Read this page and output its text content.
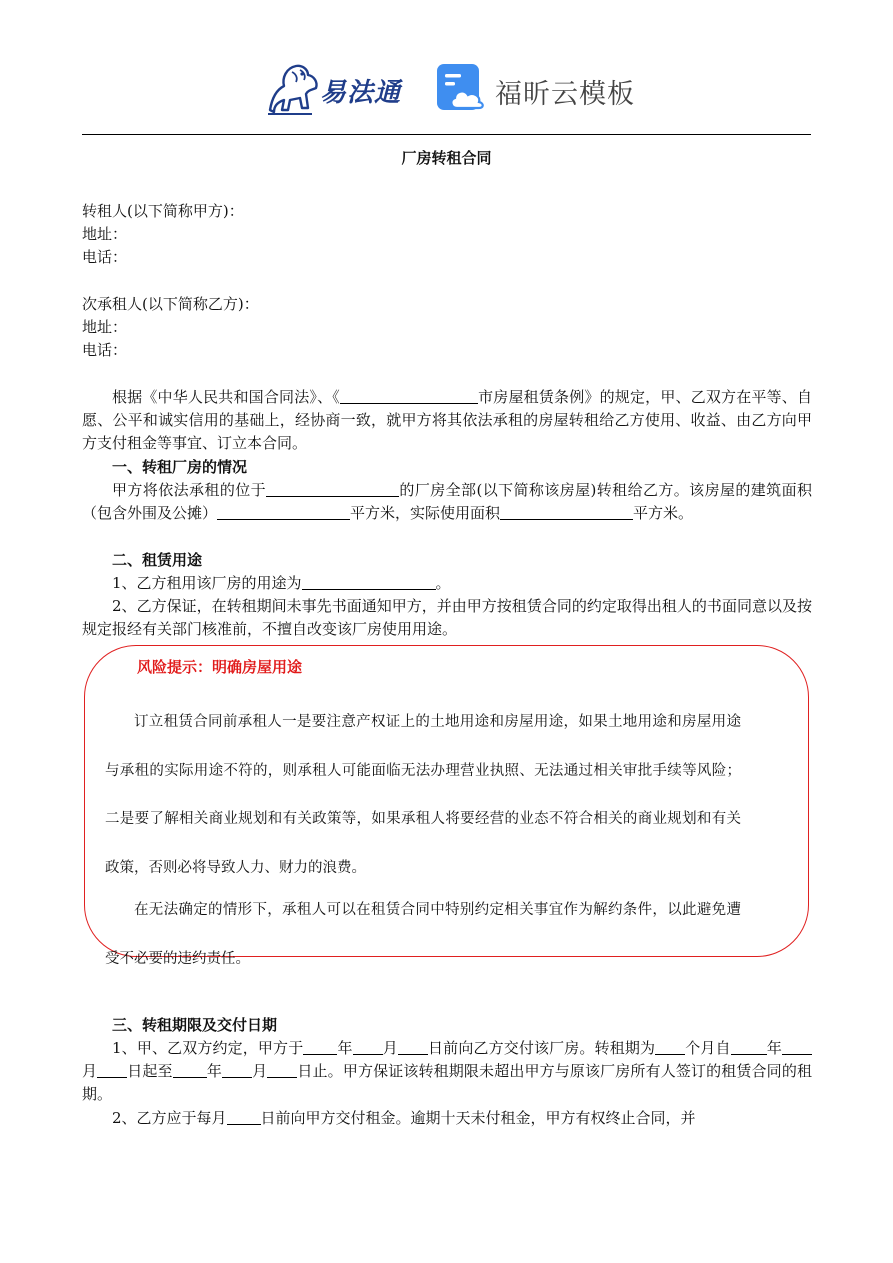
易法通	福昕云模板
厂房转租合同
转租人(以下简称甲方)：
地址：
电话：
次承租人(以下简称乙方)：
地址：
电话：
根据《中华人民共和国合同法》、《	市房屋租赁条例》的规定，甲、乙双方在平等、自愿、公平和诚实信用的基础上，经协商一致，就甲方将其依法承租的房屋转租给乙方使用、收益、由乙方向甲方支付租金等事宜、订立本合同。
一、转租厂房的情况
甲方将依法承租的位于	的厂房全部(以下简称该房屋)转租给乙方。该房屋的建筑面积（包含外围及公摊）	平方米，实际使用面积	平方米。
二、租赁用途
1、乙方租用该厂房的用途为	。
2、乙方保证，在转租期间未事先书面通知甲方，并由甲方按租赁合同的约定取得出租人的书面同意以及按规定报经有关部门核准前，不擅自改变该厂房使用用途。
风险提示：明确房屋用途

订立租赁合同前承租人一是要注意产权证上的土地用途和房屋用途，如果土地用途和房屋用途与承租的实际用途不符的，则承租人可能面临无法办理营业执照、无法通过相关审批手续等风险；二是要了解相关商业规划和有关政策等，如果承租人将要经营的业态不符合相关的商业规划和有关政策，否则必将导致人力、财力的浪费。

在无法确定的情形下，承租人可以在租赁合同中特别约定相关事宜作为解约条件，以此避免遭受不必要的违约责任。

三、转租期限及交付日期
1、甲、乙双方约定，甲方于 年 月 日前向乙方交付该厂房。转租期为 个月自 年月 日起至 年 月 日止。甲方保证该转租期限未超出甲方与原该厂房所有人签订的租赁合同的租期。
2、乙方应于每月 日前向甲方交付租金。逾期十天未付租金，甲方有权终止合同，并
